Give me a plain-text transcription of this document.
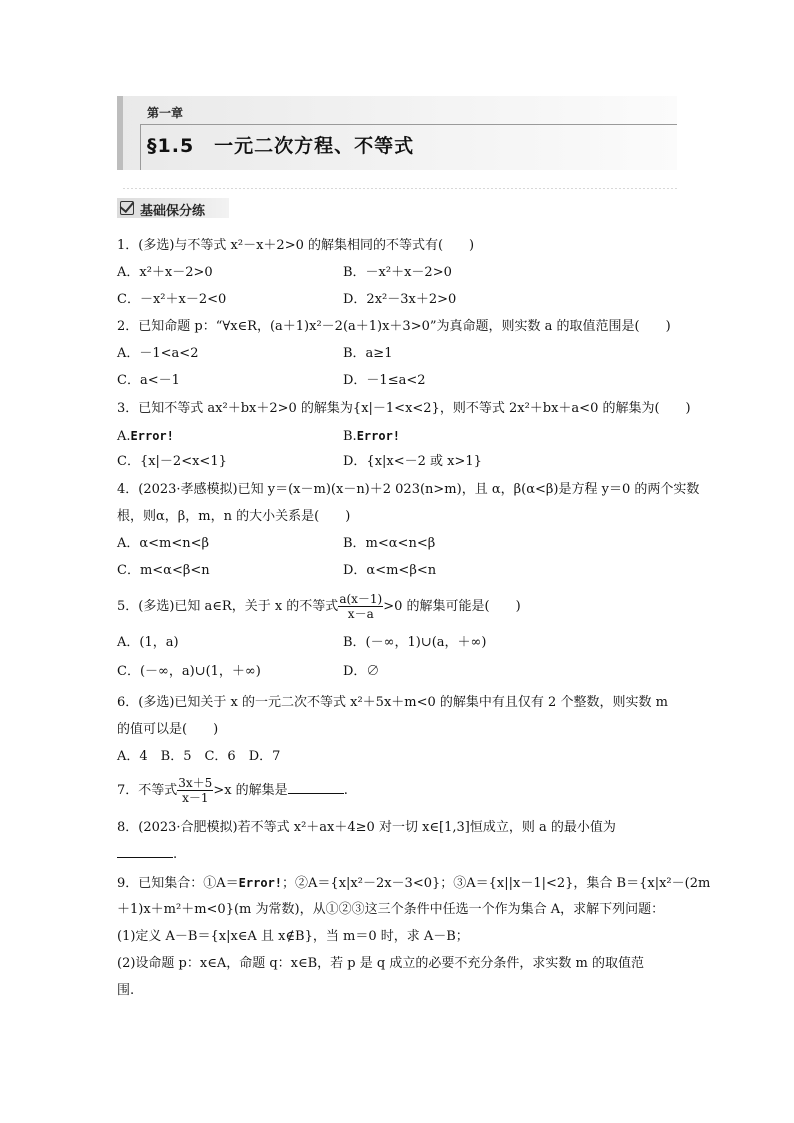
第一章
§1.5　一元二次方程、不等式
基础保分练
1．(多选)与不等式 x²－x＋2>0 的解集相同的不等式有(　　)
A．x²＋x－2>0	B．－x²＋x－2>0
C．－x²＋x－2<0	D．2x²－3x＋2>0
2．已知命题 p：“∀x∈R，(a＋1)x²－2(a＋1)x＋3>0”为真命题，则实数 a 的取值范围是(　　)
A．－1<a<2	B．a≥1
C．a<－1	D．－1≤a<2
3．已知不等式 ax²＋bx＋2>0 的解集为{x|－1<x<2}，则不等式 2x²＋bx＋a<0 的解集为(　　)
A.Error!	B.Error!
C．{x|－2<x<1}	D．{x|x<－2 或 x>1}
4．(2023·孝感模拟)已知 y＝(x－m)(x－n)＋2 023(n>m)，且 α，β(α<β)是方程 y＝0 的两个实数
根，则α，β，m，n 的大小关系是(　　)
A．α<m<n<β	B．m<α<n<β
C．m<α<β<n	D．α<m<β<n
5．(多选)已知 a∈R，关于 x 的不等式 $\frac{a(x-1)}{x-a} >0$ 的解集可能是(　　)
A．(1，a)	B．(－∞，1)∪(a，＋∞)
C．(－∞，a)∪(1，＋∞)	D．∅
6．(多选)已知关于 x 的一元二次不等式 x²＋5x＋m<0 的解集中有且仅有 2 个整数，则实数 m
的值可以是(　　)
A．4　B．5　C．6　D．7
7．不等式 $\frac{3x+5}{x-1} >x$ 的解集是	.
8．(2023·合肥模拟)若不等式 x²＋ax＋4≥0 对一切 x∈[1,3]恒成立，则 a 的最小值为
.
9．已知集合：①A＝Error!；②A＝{x|x²－2x－3<0}；③A＝{x||x－1|<2}，集合 B＝{x|x²－(2m
＋1)x＋m²＋m<0}(m 为常数)，从①②③这三个条件中任选一个作为集合 A，求解下列问题：
(1)定义 A－B＝{x|x∈A 且 x∉B}，当 m＝0 时，求 A－B；
(2)设命题 p：x∈A，命题 q：x∈B，若 p 是 q 成立的必要不充分条件，求实数 m 的取值范
围.
